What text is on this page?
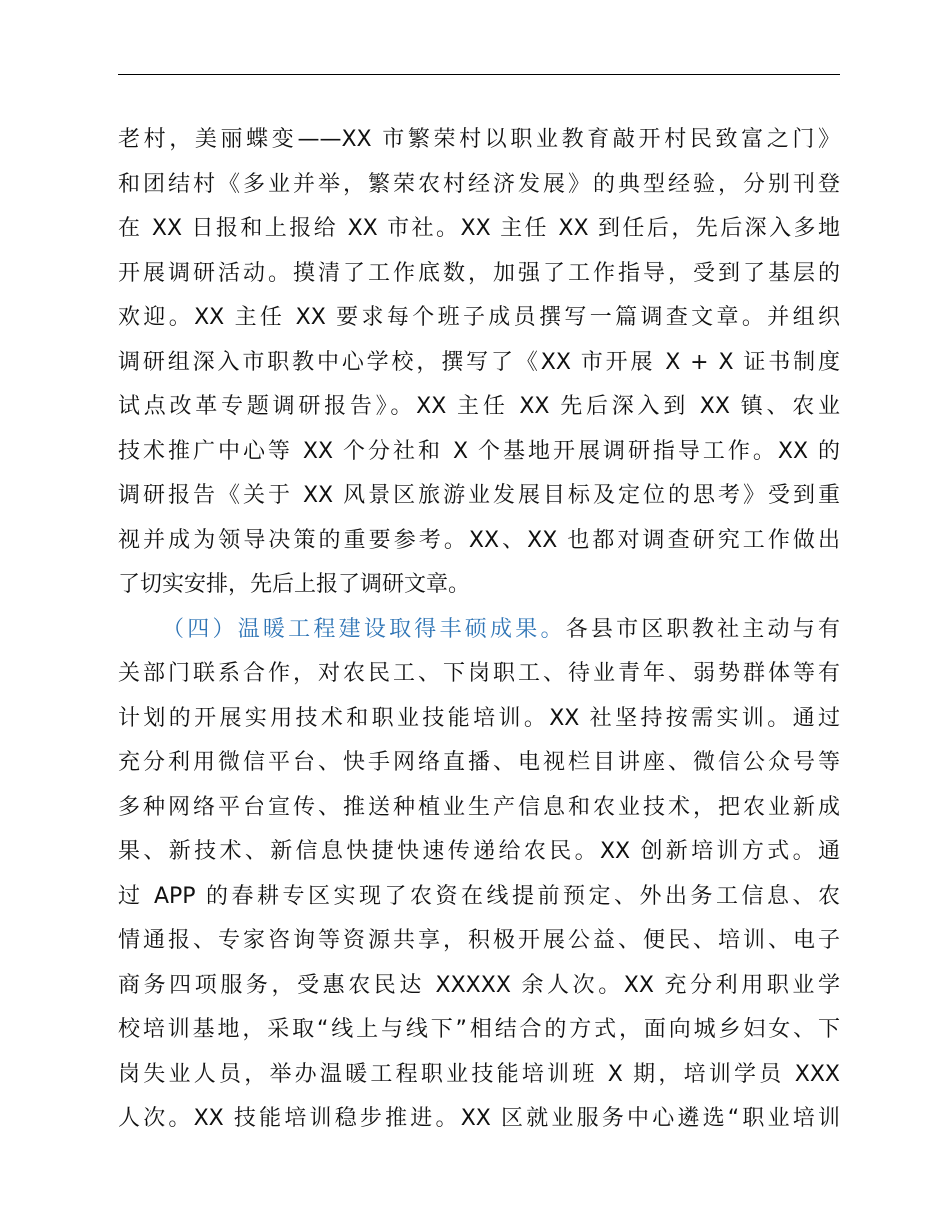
老村，美丽蝶变——XX 市繁荣村以职业教育敲开村民致富之门》
和团结村《多业并举，繁荣农村经济发展》的典型经验，分别刊登
在 XX 日报和上报给 XX 市社。XX 主任 XX 到任后，先后深入多地
开展调研活动。摸清了工作底数，加强了工作指导，受到了基层的
欢迎。XX 主任 XX 要求每个班子成员撰写一篇调查文章。并组织
调研组深入市职教中心学校，撰写了《XX 市开展 X + X 证书制度
试点改革专题调研报告》。XX 主任 XX 先后深入到 XX 镇、农业
技术推广中心等 XX 个分社和 X 个基地开展调研指导工作。XX 的
调研报告《关于 XX 风景区旅游业发展目标及定位的思考》受到重
视并成为领导决策的重要参考。XX、XX 也都对调查研究工作做出
了切实安排，先后上报了调研文章。
（四）温暖工程建设取得丰硕成果。各县市区职教社主动与有
关部门联系合作，对农民工、下岗职工、待业青年、弱势群体等有
计划的开展实用技术和职业技能培训。XX 社坚持按需实训。通过
充分利用微信平台、快手网络直播、电视栏目讲座、微信公众号等
多种网络平台宣传、推送种植业生产信息和农业技术，把农业新成
果、新技术、新信息快捷快速传递给农民。XX 创新培训方式。通
过 APP 的春耕专区实现了农资在线提前预定、外出务工信息、农
情通报、专家咨询等资源共享，积极开展公益、便民、培训、电子
商务四项服务，受惠农民达 XXXXX 余人次。XX 充分利用职业学
校培训基地，采取“线上与线下”相结合的方式，面向城乡妇女、下
岗失业人员，举办温暖工程职业技能培训班 X 期，培训学员 XXX
人次。XX 技能培训稳步推进。XX 区就业服务中心遴选“职业培训
